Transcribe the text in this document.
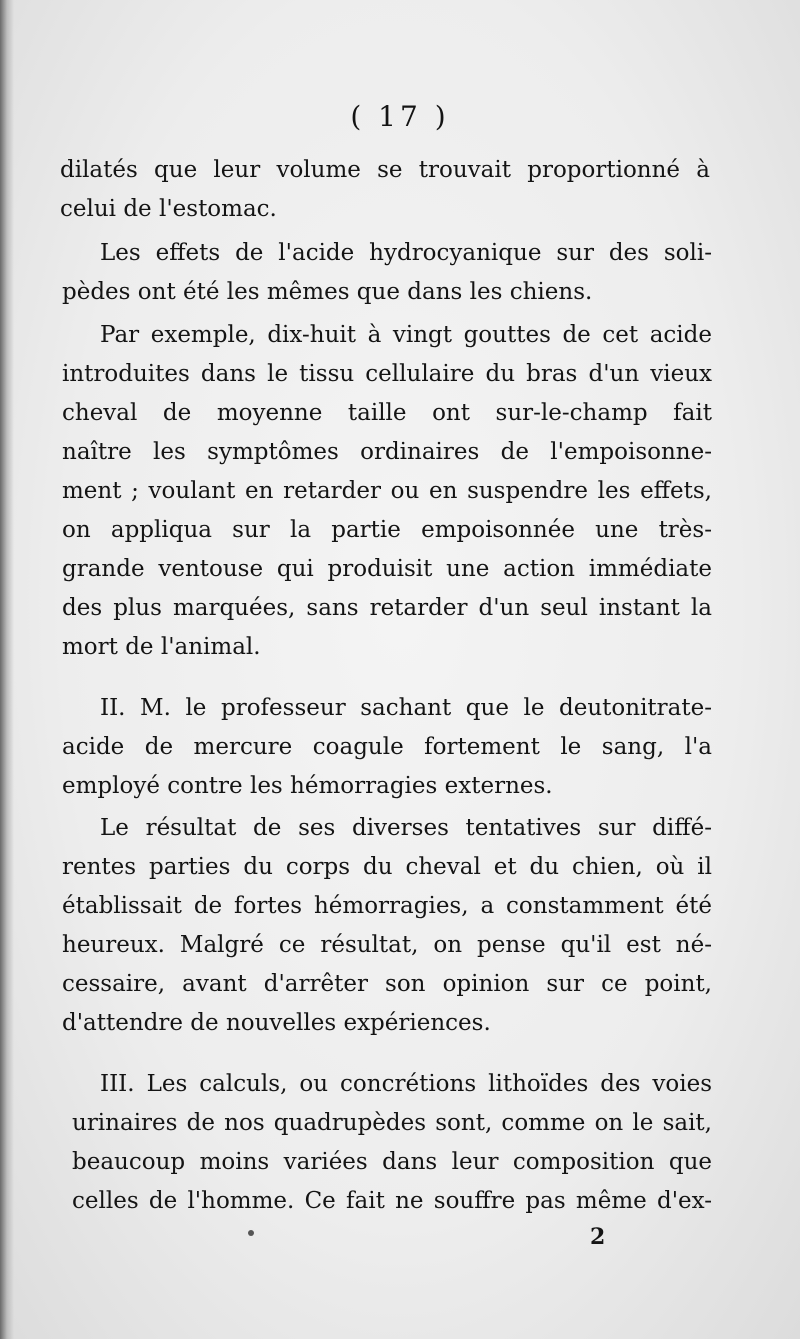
( 17 )
dilatés que leur volume se trouvait proportionné à
celui de l'estomac.
Les effets de l'acide hydrocyanique sur des soli-
pèdes ont été les mêmes que dans les chiens.
Par exemple, dix-huit à vingt gouttes de cet acide
introduites dans le tissu cellulaire du bras d'un vieux
cheval de moyenne taille ont sur-le-champ fait
naître les symptômes ordinaires de l'empoisonne-
ment ; voulant en retarder ou en suspendre les effets,
on appliqua sur la partie empoisonnée une très-
grande ventouse qui produisit une action immédiate
des plus marquées, sans retarder d'un seul instant la
mort de l'animal.
II. M. le professeur sachant que le deutonitrate-
acide de mercure coagule fortement le sang, l'a
employé contre les hémorragies externes.
Le résultat de ses diverses tentatives sur diffé-
rentes parties du corps du cheval et du chien, où il
établissait de fortes hémorragies, a constamment été
heureux. Malgré ce résultat, on pense qu'il est né-
cessaire, avant d'arrêter son opinion sur ce point,
d'attendre de nouvelles expériences.
III. Les calculs, ou concrétions lithoïdes des voies
urinaires de nos quadrupèdes sont, comme on le sait,
beaucoup moins variées dans leur composition que
celles de l'homme. Ce fait ne souffre pas même d'ex-
2
